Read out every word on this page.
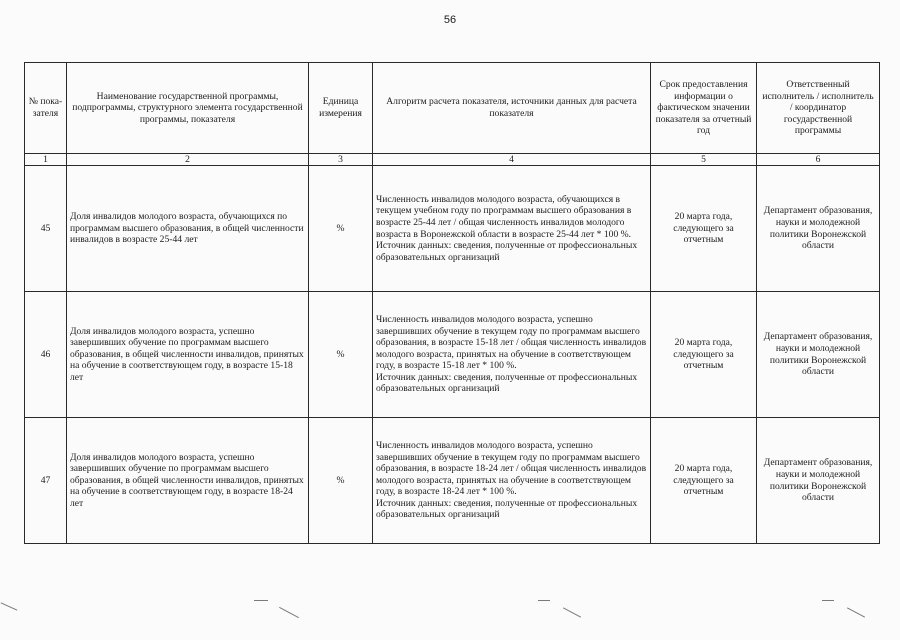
56
№ пока-зателя	Наименование государственной программы, подпрограммы, структурного элемента государственной программы, показателя	Единица измерения	Алгоритм расчета показателя, источники данных для расчета показателя	Срок предоставления информации о фактическом значении показателя за отчетный год	Ответственный исполнитель / исполнитель / координатор государственной программы
1	2	3	4	5	6
45	Доля инвалидов молодого возраста, обучающихся по программам высшего образования, в общей численности инвалидов в возрасте 25-44 лет	%	Численность инвалидов молодого возраста, обучающихся в текущем учебном году по программам высшего образования в возрасте 25-44 лет / общая численность инвалидов молодого возраста в Воронежской области в возрасте 25-44 лет * 100 %.
Источник данных: сведения, полученные от профессиональных образовательных организаций	20 марта года, следующего за отчетным	Департамент образования, науки и молодежной политики Воронежской области
46	Доля инвалидов молодого возраста, успешно завершивших обучение по программам высшего образования, в общей численности инвалидов, принятых на обучение в соответствующем году, в возрасте 15-18 лет	%	Численность инвалидов молодого возраста, успешно завершивших обучение в текущем году по программам высшего образования, в возрасте 15-18 лет / общая численность инвалидов молодого возраста, принятых на обучение в соответствующем году, в возрасте 15-18 лет * 100 %.
Источник данных: сведения, полученные от профессиональных образовательных организаций	20 марта года, следующего за отчетным	Департамент образования, науки и молодежной политики Воронежской области
47	Доля инвалидов молодого возраста, успешно завершивших обучение по программам высшего образования, в общей численности инвалидов, принятых на обучение в соответствующем году, в возрасте 18-24 лет	%	Численность инвалидов молодого возраста, успешно завершивших обучение в текущем году по программам высшего образования, в возрасте 18-24 лет / общая численность инвалидов молодого возраста, принятых на обучение в соответствующем году, в возрасте 18-24 лет * 100 %.
Источник данных: сведения, полученные от профессиональных образовательных организаций	20 марта года, следующего за отчетным	Департамент образования, науки и молодежной политики Воронежской области
